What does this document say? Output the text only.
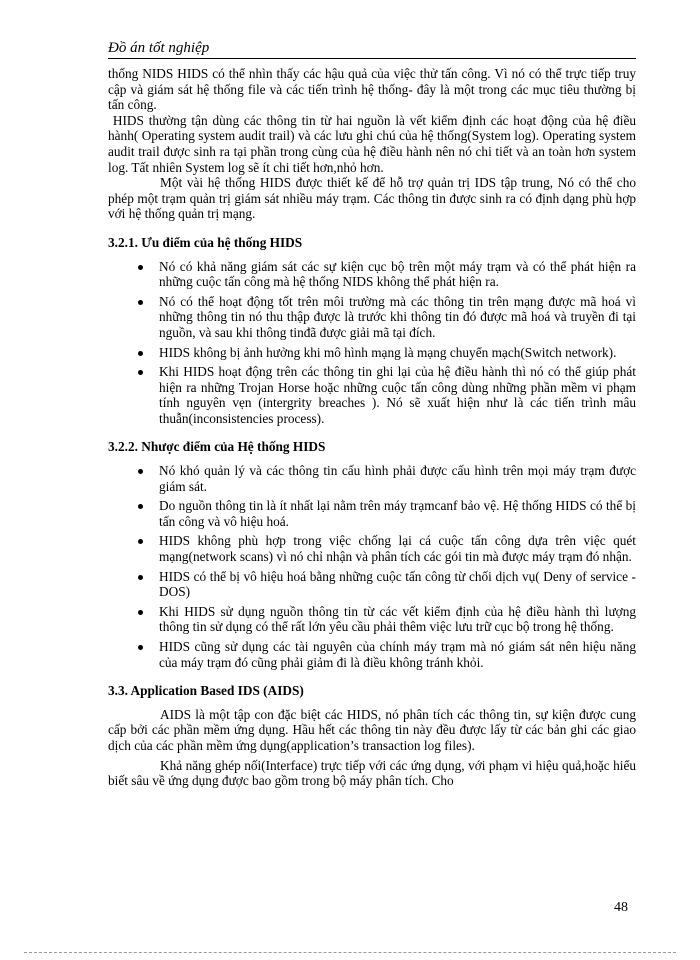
Đồ án tốt nghiệp

thống NIDS HIDS có thể nhìn thấy các hậu quả của việc thử tấn công. Vì nó có thể trực tiếp truy cập và giám sát hệ thống file và các tiến trình hệ thống- đây là một trong các mục tiêu thường bị tấn công.

HIDS thường tận dùng các thông tin từ hai nguồn là vết kiểm định các hoạt động của hệ điều hành( Operating system audit trail) và các lưu ghi chú của hệ thống(System log). Operating system audit trail được sinh ra tại phần trong cùng của hệ điều hành nên nó chi tiết và an toàn hơn system log. Tất nhiên System log sẽ ít chi tiết hơn,nhỏ hơn.

Một vài hệ thống HIDS được thiết kế để hỗ trợ quản trị IDS tập trung, Nó có thể cho phép một trạm quản trị giám sát nhiều máy trạm. Các thông tin được sinh ra có định dạng phù hợp với hệ thống quản trị mạng.

3.2.1. Ưu điểm của hệ thống HIDS
Nó có khả năng giám sát các sự kiện cục bộ trên một máy trạm và có thể phát hiện ra những cuộc tấn công mà hệ thống NIDS không thể phát hiện ra.
Nó có thể hoạt động tốt trên môi trường mà các thông tin trên mạng được mã hoá vì những thông tin nó thu thập được là trước khi thông tin đó được mã hoá và truyền đi tại nguồn, và sau khi thông tinđã được giải mã tại đích.
HIDS không bị ảnh hưởng khi mô hình mạng là mạng chuyển mạch(Switch network).
Khi HIDS hoạt động trên các thông tin ghi lại của hệ điều hành thì nó có thể giúp phát hiện ra những Trojan Horse hoặc những cuộc tấn công dùng những phần mềm vi phạm tính nguyên vẹn (intergrity breaches ). Nó sẽ xuất hiện như là các tiến trình mâu thuẫn(inconsistencies process).
3.2.2. Nhược điểm của Hệ thống HIDS
Nó khó quản lý và các thông tin cấu hình phải được cấu hình trên mọi máy trạm được giám sát.
Do nguồn thông tin là ít nhất lại nằm trên máy trạmcanf bảo vệ. Hệ thống HIDS có thể bị tấn công và vô hiệu hoá.
HIDS không phù hợp trong việc chống lại cá cuộc tấn công dựa trên việc quét mạng(network scans) vì nó chỉ nhận và phân tích các gói tin mà được máy trạm đó nhận.
HIDS có thể bị vô hiệu hoá bằng những cuộc tấn công từ chối dịch vụ( Deny of service -DOS)
Khi HIDS sử dụng nguồn thông tin từ các vết kiểm định của hệ điều hành thì lượng thông tin sử dụng có thể rất lớn yêu cầu phải thêm việc lưu trữ cục bộ trong hệ thống.
HIDS cũng sử dụng các tài nguyên của chính máy trạm mà nó giám sát nên hiệu năng của máy trạm đó cũng phải giảm đi là điều không tránh khỏi.
3.3. Application Based IDS (AIDS)

AIDS là một tập con đặc biệt các HIDS, nó phân tích các thông tin, sự kiện được cung cấp bởi các phần mềm ứng dụng. Hầu hết các thông tin này đều được lấy từ các bản ghi các giao dịch của các phần mềm ứng dụng(application’s transaction log files).

Khả năng ghép nối(Interface) trực tiếp với các ứng dụng, với phạm vi hiệu quả,hoặc hiểu biết sâu về ứng dụng được bao gồm trong bộ máy phân tích. Cho

48
